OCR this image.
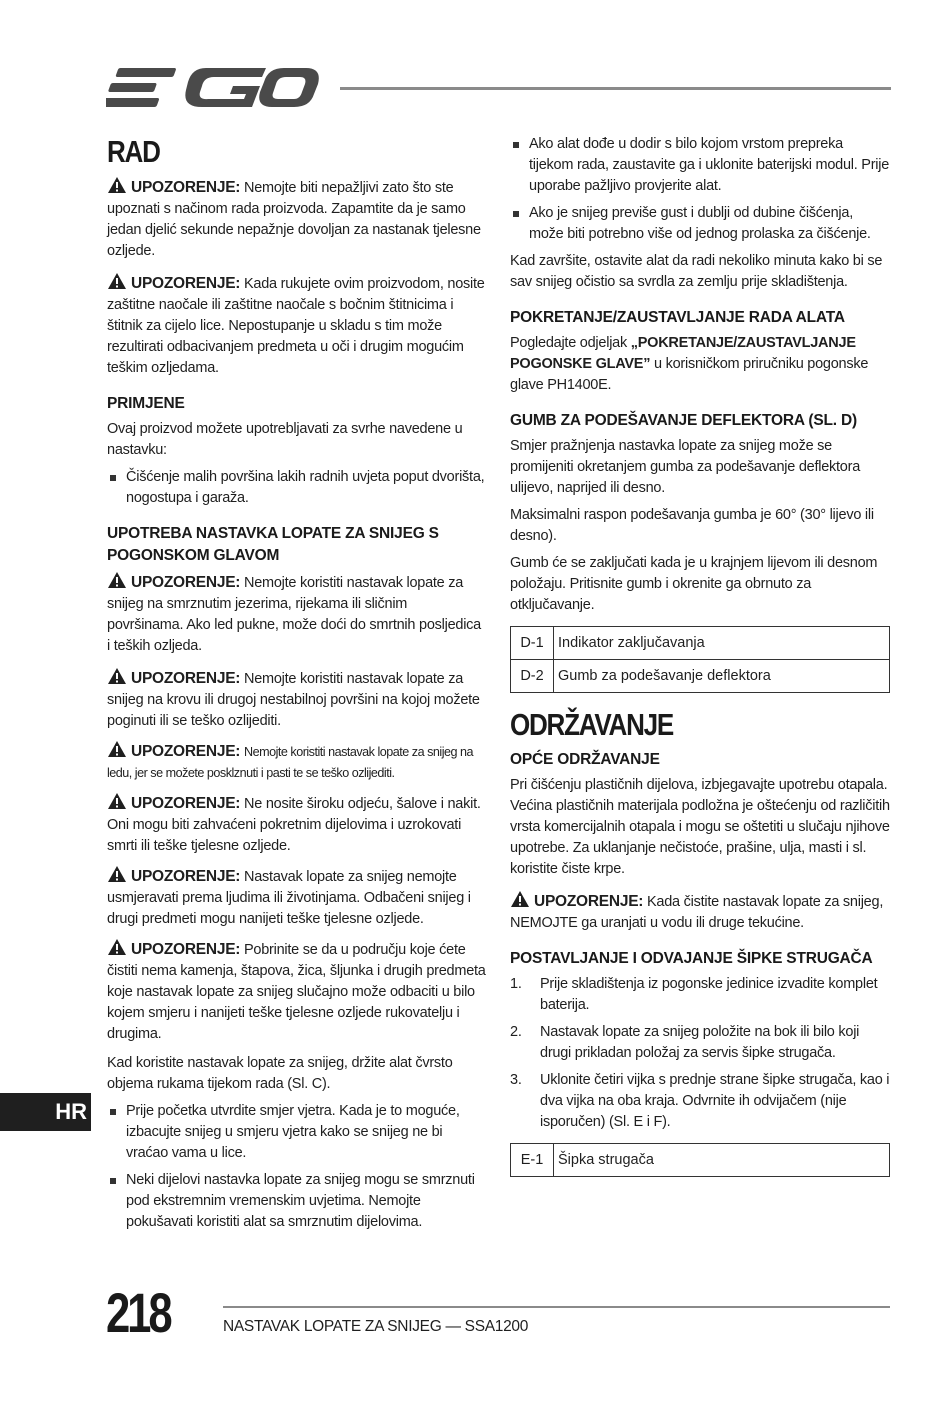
RAD

UPOZORENJE: Nemojte biti nepažljivi zato što ste upoznati s načinom rada proizvoda. Zapamtite da je samo jedan djelić sekunde nepažnje dovoljan za nastanak tjelesne ozljede.

UPOZORENJE: Kada rukujete ovim proizvodom, nosite zaštitne naočale ili zaštitne naočale s bočnim štitnicima i štitnik za cijelo lice. Nepostupanje u skladu s tim može rezultirati odbacivanjem predmeta u oči i drugim mogućim teškim ozljedama.

PRIMJENE

Ovaj proizvod možete upotrebljavati za svrhe navedene u nastavku:

Čišćenje malih površina lakih radnih uvjeta poput dvorišta, nogostupa i garaža.
UPOTREBA NASTAVKA LOPATE ZA SNIJEG S POGONSKOM GLAVOM

UPOZORENJE: Nemojte koristiti nastavak lopate za snijeg na smrznutim jezerima, rijekama ili sličnim površinama. Ako led pukne, može doći do smrtnih posljedica i teških ozljeda.

UPOZORENJE: Nemojte koristiti nastavak lopate za snijeg na krovu ili drugoj nestabilnoj površini na kojoj možete poginuti ili se teško ozlijediti.

UPOZORENJE: Nemojte koristiti nastavak lopate za snijeg na ledu, jer se možete posklznuti i pasti te se teško ozlijediti.

UPOZORENJE: Ne nosite široku odjeću, šalove i nakit. Oni mogu biti zahvaćeni pokretnim dijelovima i uzrokovati smrti ili teške tjelesne ozljede.

UPOZORENJE: Nastavak lopate za snijeg nemojte usmjeravati prema ljudima ili životinjama. Odbačeni snijeg i drugi predmeti mogu nanijeti teške tjelesne ozljede.

UPOZORENJE: Pobrinite se da u području koje ćete čistiti nema kamenja, štapova, žica, šljunka i drugih predmeta koje nastavak lopate za snijeg slučajno može odbaciti u bilo kojem smjeru i nanijeti teške tjelesne ozljede rukovatelju i drugima.

Kad koristite nastavak lopate za snijeg, držite alat čvrsto objema rukama tijekom rada (Sl. C).

Prije početka utvrdite smjer vjetra. Kada je to moguće, izbacujte snijeg u smjeru vjetra kako se snijeg ne bi vraćao vama u lice.
Neki dijelovi nastavka lopate za snijeg mogu se smrznuti pod ekstremnim vremenskim uvjetima. Nemojte pokušavati koristiti alat sa smrznutim dijelovima.
Ako alat dođe u dodir s bilo kojom vrstom prepreka tijekom rada, zaustavite ga i uklonite baterijski modul. Prije uporabe pažljivo provjerite alat.
Ako je snijeg previše gust i dublji od dubine čišćenja, može biti potrebno više od jednog prolaska za čišćenje.

Kad završite, ostavite alat da radi nekoliko minuta kako bi se sav snijeg očistio sa svrdla za zemlju prije skladištenja.

POKRETANJE/ZAUSTAVLJANJE RADA ALATA

Pogledajte odjeljak „POKRETANJE/ZAUSTAVLJANJE POGONSKE GLAVE” u korisničkom priručniku pogonske glave PH1400E.

GUMB ZA PODEŠAVANJE DEFLEKTORA (SL. D)

Smjer pražnjenja nastavka lopate za snijeg može se promijeniti okretanjem gumba za podešavanje deflektora ulijevo, naprijed ili desno.

Maksimalni raspon podešavanja gumba je 60° (30° lijevo ili desno).

Gumb će se zaključati kada je u krajnjem lijevom ili desnom položaju. Pritisnite gumb i okrenite ga obrnuto za otključavanje.

D-1	Indikator zaključavanja
D-2	Gumb za podešavanje deflektora
ODRŽAVANJE
OPĆE ODRŽAVANJE

Pri čišćenju plastičnih dijelova, izbjegavajte upotrebu otapala. Većina plastičnih materijala podložna je oštećenju od različitih vrsta komercijalnih otapala i mogu se oštetiti u slučaju njihove upotrebe. Za uklanjanje nečistoće, prašine, ulja, masti i sl. koristite čiste krpe.

UPOZORENJE: Kada čistite nastavak lopate za snijeg, NEMOJTE ga uranjati u vodu ili druge tekućine.

POSTAVLJANJE I ODVAJANJE ŠIPKE STRUGAČA
1. Prije skladištenja iz pogonske jedinice izvadite komplet baterija.
2. Nastavak lopate za snijeg položite na bok ili bilo koji drugi prikladan položaj za servis šipke strugača.
3. Uklonite četiri vijka s prednje strane šipke strugača, kao i dva vijka na oba kraja. Odvrnite ih odvijačem (nije isporučen) (Sl. E i F).
E-1	Šipka strugača
HR
218	NASTAVAK LOPATE ZA SNIJEG — SSA1200
